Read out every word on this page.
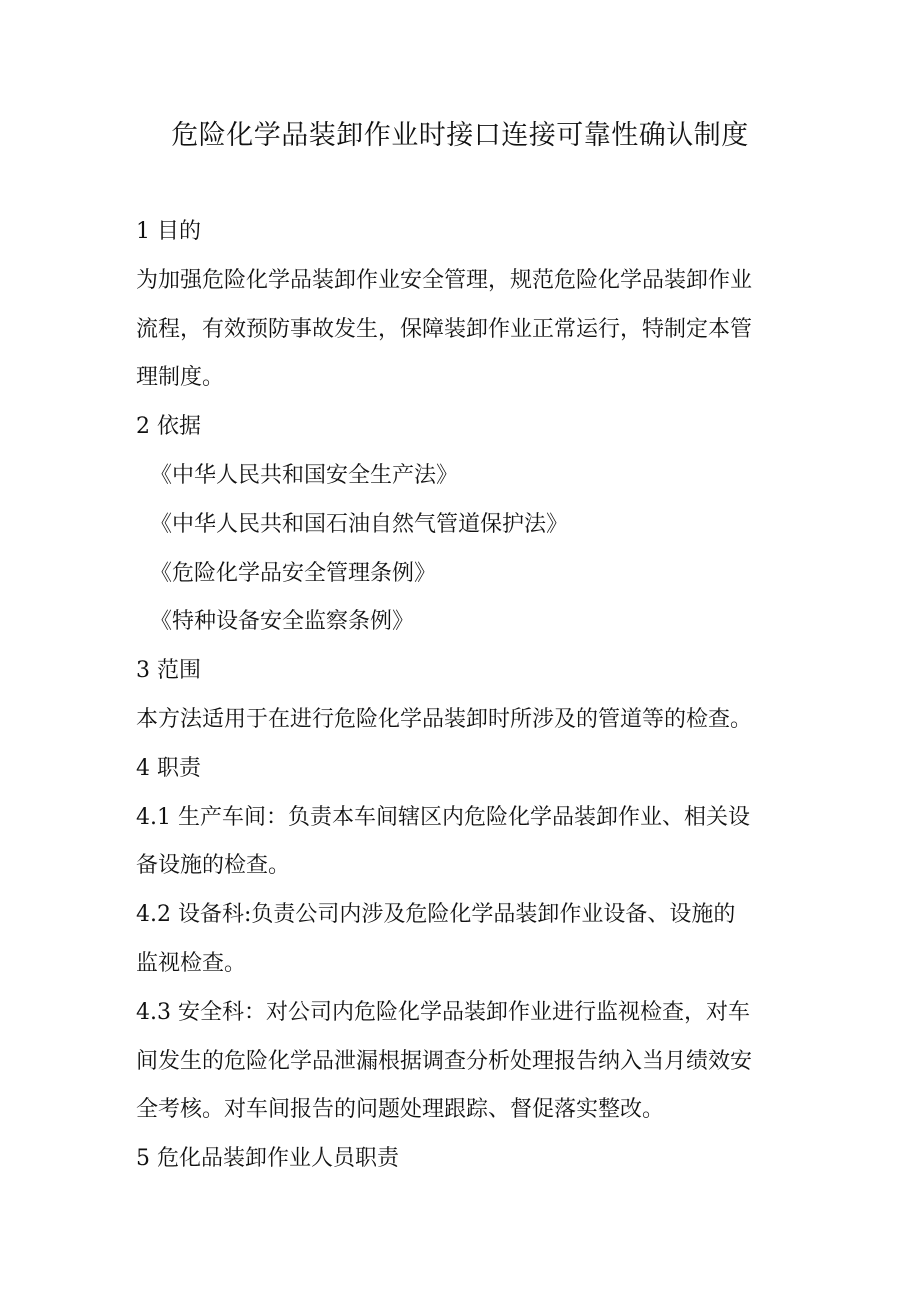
危险化学品装卸作业时接口连接可靠性确认制度
1 目的
为加强危险化学品装卸作业安全管理，规范危险化学品装卸作业
流程，有效预防事故发生，保障装卸作业正常运行，特制定本管
理制度。
2 依据
《中华人民共和国安全生产法》
《中华人民共和国石油自然气管道保护法》
《危险化学品安全管理条例》
《特种设备安全监察条例》
3 范围
本方法适用于在进行危险化学品装卸时所涉及的管道等的检查。
4 职责
4.1 生产车间：负责本车间辖区内危险化学品装卸作业、相关设
备设施的检查。
4.2 设备科:负责公司内涉及危险化学品装卸作业设备、设施的
监视检查。
4.3 安全科：对公司内危险化学品装卸作业进行监视检查，对车
间发生的危险化学品泄漏根据调查分析处理报告纳入当月绩效安
全考核。对车间报告的问题处理跟踪、督促落实整改。
5 危化品装卸作业人员职责
